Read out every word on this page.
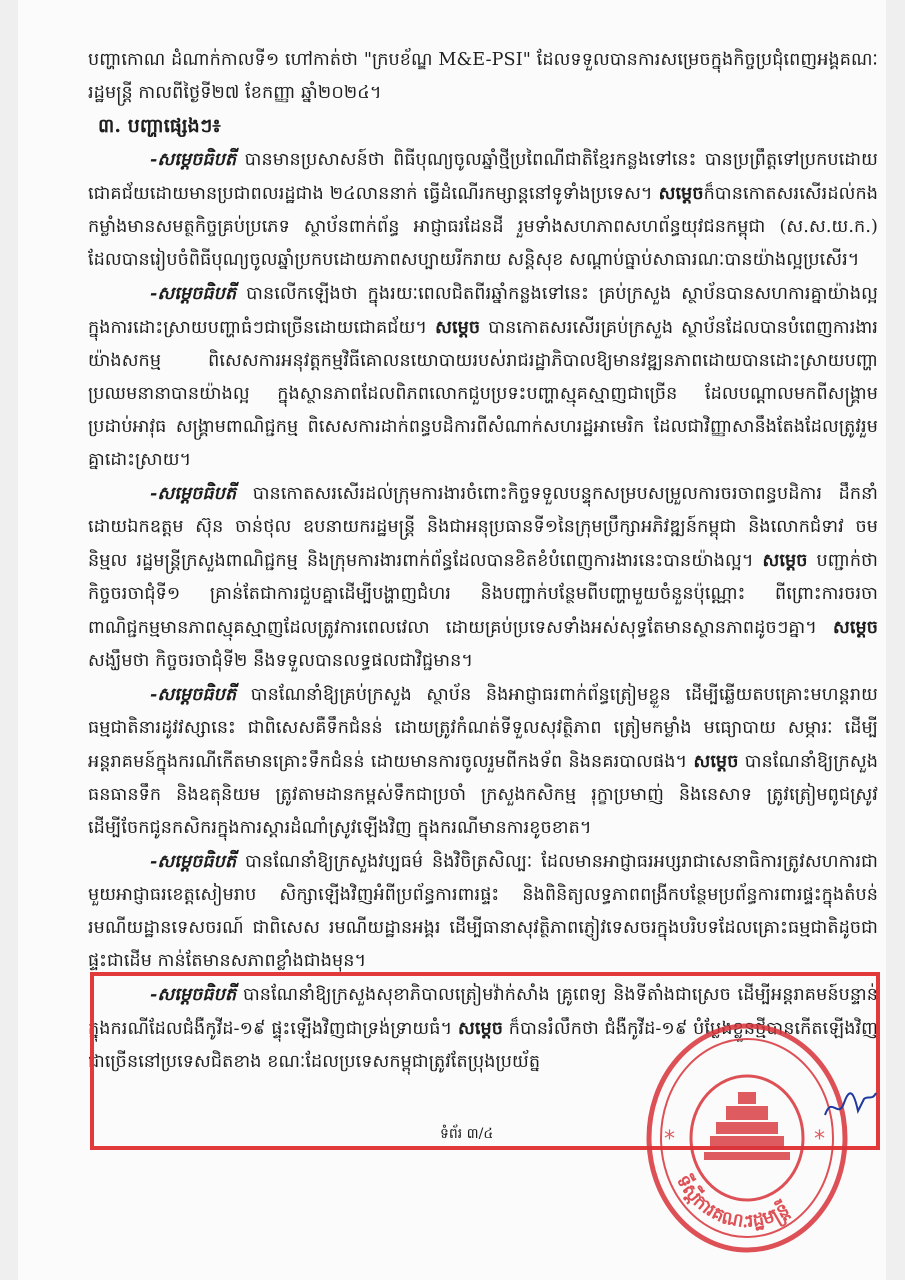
បញ្ហាកោណ ដំណាក់កាលទី១ ហៅកាត់ថា "ក្របខ័ណ្ឌ M&E-PSI" ដែលទទួលបានការសម្រេចក្នុងកិច្ចប្រជុំពេញអង្គគណៈរដ្ឋមន្ត្រី កាលពីថ្ងៃទី២៧ ខែកញ្ញា ឆ្នាំ២០២៤។

៣. បញ្ហាផ្សេងៗ៖

-សម្ដេចធិបតី បានមានប្រសាសន៍ថា ពិធីបុណ្យចូលឆ្នាំថ្មីប្រពៃណីជាតិខ្មែរកន្លងទៅនេះ បានប្រព្រឹត្តទៅប្រកបដោយជោគជ័យដោយមានប្រជាពលរដ្ឋជាង ២៤លាននាក់ ធ្វើដំណើរកម្សាន្តនៅទូទាំងប្រទេស។ សម្ដេចក៏បានកោតសរសើរដល់កងកម្លាំងមានសមត្ថកិច្ចគ្រប់ប្រភេទ ស្ថាប័នពាក់ព័ន្ធ អាជ្ញាធរដែនដី រួមទាំងសហភាពសហព័ន្ធយុវជនកម្ពុជា (ស.ស.យ.ក.) ដែលបានរៀបចំពិធីបុណ្យចូលឆ្នាំប្រកបដោយភាពសប្បាយរីករាយ សន្តិសុខ សណ្តាប់ធ្នាប់សាធារណៈបានយ៉ាងល្អប្រសើរ។

-សម្ដេចធិបតី បានលើកឡើងថា ក្នុងរយៈពេលជិតពីរឆ្នាំកន្លងទៅនេះ គ្រប់ក្រសួង ស្ថាប័នបានសហការគ្នាយ៉ាងល្អក្នុងការដោះស្រាយបញ្ហាធំៗជាច្រើនដោយជោគជ័យ។ សម្ដេច បានកោតសរសើរគ្រប់ក្រសួង ស្ថាប័នដែលបានបំពេញការងារយ៉ាងសកម្ម ពិសេសការអនុវត្តកម្មវិធីគោលនយោបាយរបស់រាជរដ្ឋាភិបាលឱ្យមានវឌ្ឍនភាពដោយបានដោះស្រាយបញ្ហាប្រឈមនានាបានយ៉ាងល្អ ក្នុងស្ថានភាពដែលពិភពលោកជួបប្រទះបញ្ហាស្មុគស្មាញជាច្រើន ដែលបណ្តាលមកពីសង្គ្រាមប្រដាប់អាវុធ សង្គ្រាមពាណិជ្ជកម្ម ពិសេសការដាក់ពន្ធបដិការពីសំណាក់សហរដ្ឋអាមេរិក ដែលជាវិញ្ញាសានឹងតែងដែលត្រូវរួមគ្នាដោះស្រាយ។

-សម្ដេចធិបតី បានកោតសរសើរដល់ក្រុមការងារចំពោះកិច្ចទទួលបន្ទុកសម្របសម្រួលការចរចាពន្ធបដិការ ដឹកនាំដោយឯកឧត្តម ស៊ុន ចាន់ថុល ឧបនាយករដ្ឋមន្ត្រី និងជាអនុប្រធានទី១នៃក្រុមប្រឹក្សាអភិវឌ្ឍន៍កម្ពុជា និងលោកជំទាវ ចម និម្មល រដ្ឋមន្ត្រីក្រសួងពាណិជ្ជកម្ម និងក្រុមការងារពាក់ព័ន្ធដែលបានខិតខំបំពេញការងារនេះបានយ៉ាងល្អ។ សម្ដេច បញ្ជាក់ថា កិច្ចចរចាជុំទី១ គ្រាន់តែជាការជួបគ្នាដើម្បីបង្ហាញជំហរ និងបញ្ជាក់បន្ថែមពីបញ្ហាមួយចំនួនប៉ុណ្ណោះ ពីព្រោះការចរចាពាណិជ្ជកម្មមានភាពស្មុគស្មាញដែលត្រូវការពេលវេលា ដោយគ្រប់ប្រទេសទាំងអស់សុទ្ធតែមានស្ថានភាពដូចៗគ្នា។ សម្ដេច សង្ឃឹមថា កិច្ចចរចាជុំទី២ នឹងទទួលបានលទ្ធផលជាវិជ្ជមាន។

-សម្ដេចធិបតី បានណែនាំឱ្យគ្រប់ក្រសួង ស្ថាប័ន និងអាជ្ញាធរពាក់ព័ន្ធត្រៀមខ្លួន ដើម្បីឆ្លើយតបគ្រោះមហន្តរាយធម្មជាតិនារដូវវស្សានេះ ជាពិសេសគឺទឹកជំនន់ ដោយត្រូវកំណត់ទីទួលសុវត្ថិភាព ត្រៀមកម្លាំង មធ្យោបាយ សម្ភារៈ ដើម្បីអន្តរាគមន៍ក្នុងករណីកើតមានគ្រោះទឹកជំនន់ ដោយមានការចូលរួមពីកងទ័ព និងនគរបាលផង។ សម្ដេច បានណែនាំឱ្យក្រសួងធនធានទឹក និងឧតុនិយម ត្រូវតាមដានកម្ពស់ទឹកជាប្រចាំ ក្រសួងកសិកម្ម រុក្ខាប្រមាញ់ និងនេសាទ ត្រូវត្រៀមពូជស្រូវដើម្បីចែកជូនកសិករក្នុងការស្តារដំណាំស្រូវឡើងវិញ ក្នុងករណីមានការខូចខាត។

-សម្ដេចធិបតី បានណែនាំឱ្យក្រសួងវប្បធម៌ និងវិចិត្រសិល្បៈ ដែលមានអាជ្ញាធរអប្សរាជាសេនាធិការត្រូវសហការជាមួយអាជ្ញាធរខេត្តសៀមរាប សិក្សាឡើងវិញអំពីប្រព័ន្ធការពារផ្ទះ និងពិនិត្យលទ្ធភាពពង្រីកបន្ថែមប្រព័ន្ធការពារផ្ទះក្នុងតំបន់រមណីយដ្ឋានទេសចរណ៍ ជាពិសេស រមណីយដ្ឋានអង្គរ ដើម្បីធានាសុវត្ថិភាពភ្ញៀវទេសចរក្នុងបរិបទដែលគ្រោះធម្មជាតិដូចជាផ្ទះជាដើម កាន់តែមានសភាពខ្លាំងជាងមុន។

-សម្ដេចធិបតី បានណែនាំឱ្យក្រសួងសុខាភិបាលត្រៀមវ៉ាក់សាំង គ្រូពេទ្យ និងទីតាំងជាស្រេច ដើម្បីអន្តរាគមន៍បន្ទាន់ក្នុងករណីដែលជំងឺកូវីដ-១៩ ផ្ទុះឡើងវិញជាទ្រង់ទ្រាយធំ។ សម្ដេច ក៏បានរំលឹកថា ជំងឺកូវីដ-១៩ បំប្លែងខ្លួនថ្មីបានកើតឡើងវិញជាច្រើននៅប្រទេសជិតខាង ខណៈដែលប្រទេសកម្ពុជាត្រូវតែប្រុងប្រយ័ត្ន

ទំព័រ ៣/៤	*	*
ទីស្ដីការគណៈរដ្ឋមន្ត្រី
